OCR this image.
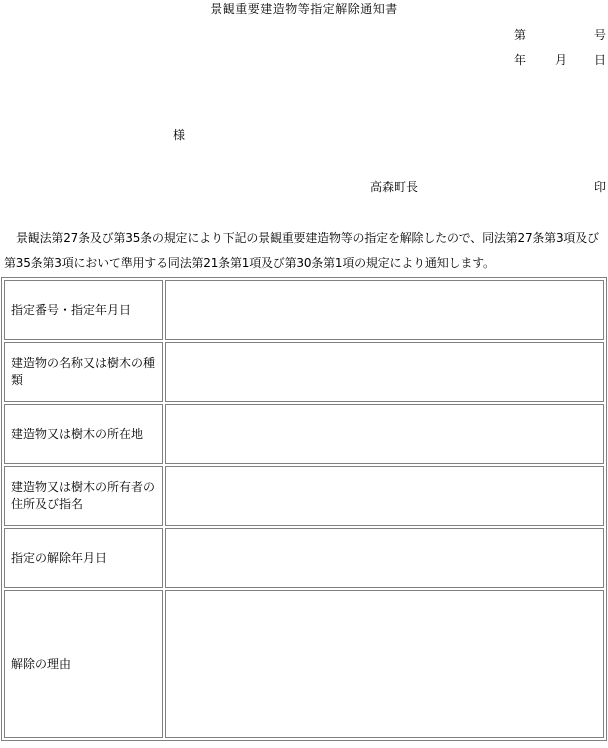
景観重要建造物等指定解除通知書
第	号
年 月 日
様
高森町長	印
景観法第27条及び第35条の規定により下記の景観重要建造物等の指定を解除したので、同法第27条第3項及び第35条第3項において準用する同法第21条第1項及び第30条第1項の規定により通知します。
指定番号・指定年月日	
建造物の名称又は樹木の種類	
建造物又は樹木の所在地	
建造物又は樹木の所有者の住所及び指名	
指定の解除年月日	
解除の理由	
